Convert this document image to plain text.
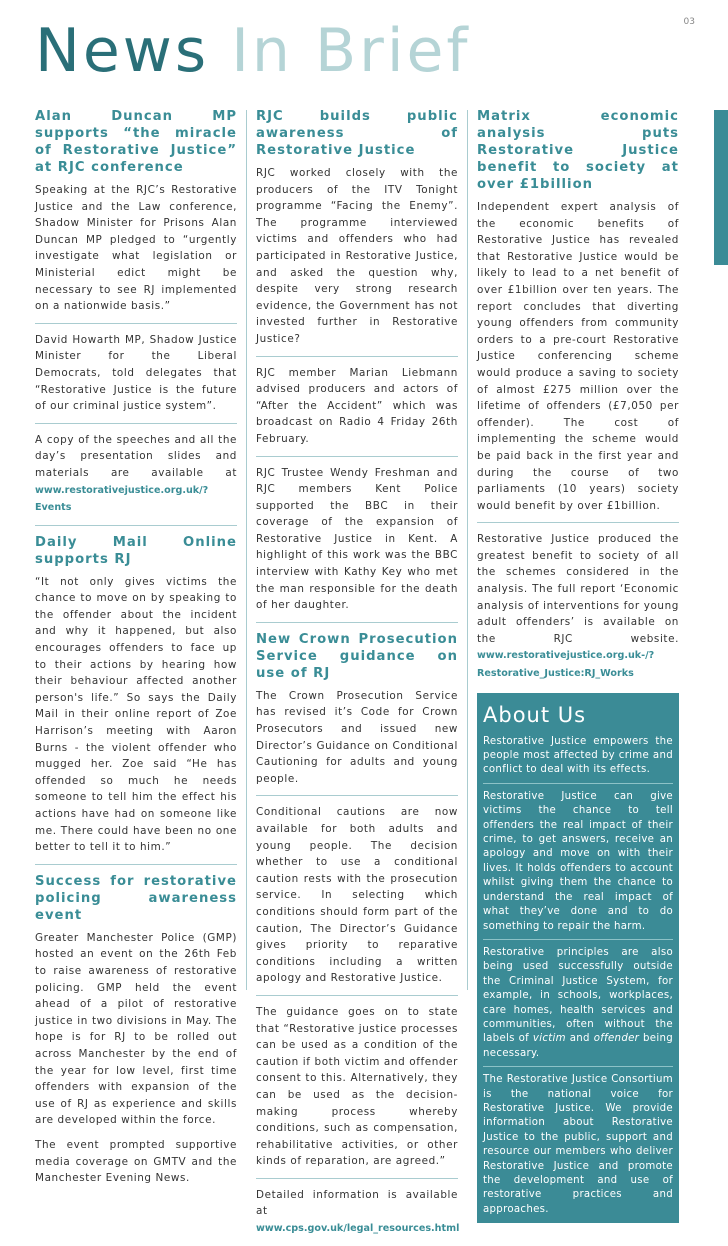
03
News In Brief
Alan Duncan MP supports “the miracle of Restorative Justice” at RJC conference

Speaking at the RJC’s Restorative Justice and the Law conference, Shadow Minister for Prisons Alan Duncan MP pledged to “urgently investigate what legislation or Ministerial edict might be necessary to see RJ implemented on a nationwide basis.”

David Howarth MP, Shadow Justice Minister for the Liberal Democrats, told delegates that “Restorative Justice is the future of our criminal justice system”.

A copy of the speeches and all the day’s presentation slides and materials are available at www.restorativejustice.org.uk/?Events

Daily Mail Online supports RJ

“It not only gives victims the chance to move on by speaking to the offender about the incident and why it happened, but also encourages offenders to face up to their actions by hearing how their behaviour affected another person's life.” So says the Daily Mail in their online report of Zoe Harrison’s meeting with Aaron Burns - the violent offender who mugged her. Zoe said “He has offended so much he needs someone to tell him the effect his actions have had on someone like me. There could have been no one better to tell it to him.”

Success for restorative policing awareness event

Greater Manchester Police (GMP) hosted an event on the 26th Feb to raise awareness of restorative policing. GMP held the event ahead of a pilot of restorative justice in two divisions in May. The hope is for RJ to be rolled out across Manchester by the end of the year for low level, first time offenders with expansion of the use of RJ as experience and skills are developed within the force.

The event prompted supportive media coverage on GMTV and the Manchester Evening News.

RJC builds public awareness of Restorative Justice

RJC worked closely with the producers of the ITV Tonight programme “Facing the Enemy”. The programme interviewed victims and offenders who had participated in Restorative Justice, and asked the question why, despite very strong research evidence, the Government has not invested further in Restorative Justice?

RJC member Marian Liebmann advised producers and actors of “After the Accident” which was broadcast on Radio 4 Friday 26th February.

RJC Trustee Wendy Freshman and RJC members Kent Police supported the BBC in their coverage of the expansion of Restorative Justice in Kent. A highlight of this work was the BBC interview with Kathy Key who met the man responsible for the death of her daughter.

New Crown Prosecution Service guidance on use of RJ

The Crown Prosecution Service has revised it’s Code for Crown Prosecutors and issued new Director’s Guidance on Conditional Cautioning for adults and young people.

Conditional cautions are now available for both adults and young people. The decision whether to use a conditional caution rests with the prosecution service. In selecting which conditions should form part of the caution, The Director’s Guidance gives priority to reparative conditions including a written apology and Restorative Justice.

The guidance goes on to state that “Restorative justice processes can be used as a condition of the caution if both victim and offender consent to this. Alternatively, they can be used as the decision-making process whereby conditions, such as compensation, rehabilitative activities, or other kinds of reparation, are agreed.”

Detailed information is available at www.cps.gov.uk/legal_resources.html

Matrix economic analysis puts Restorative Justice benefit to society at over £1billion

Independent expert analysis of the economic benefits of Restorative Justice has revealed that Restorative Justice would be likely to lead to a net benefit of over £1billion over ten years. The report concludes that diverting young offenders from community orders to a pre-court Restorative Justice conferencing scheme would produce a saving to society of almost £275 million over the lifetime of offenders (£7,050 per offender). The cost of implementing the scheme would be paid back in the first year and during the course of two parliaments (10 years) society would benefit by over £1billion.

Restorative Justice produced the greatest benefit to society of all the schemes considered in the analysis. The full report ‘Economic analysis of interventions for young adult offenders’ is available on the RJC website. www.restorativejustice.org.uk-/?Restorative_Justice:RJ_Works

About Us

Restorative Justice empowers the people most affected by crime and conflict to deal with its effects.

Restorative Justice can give victims the chance to tell offenders the real impact of their crime, to get answers, receive an apology and move on with their lives. It holds offenders to account whilst giving them the chance to understand the real impact of what they’ve done and to do something to repair the harm.

Restorative principles are also being used successfully outside the Criminal Justice System, for example, in schools, workplaces, care homes, health services and communities, often without the labels of victim and offender being necessary.

The Restorative Justice Consortium is the national voice for Restorative Justice. We provide information about Restorative Justice to the public, support and resource our members who deliver Restorative Justice and promote the development and use of restorative practices and approaches.
